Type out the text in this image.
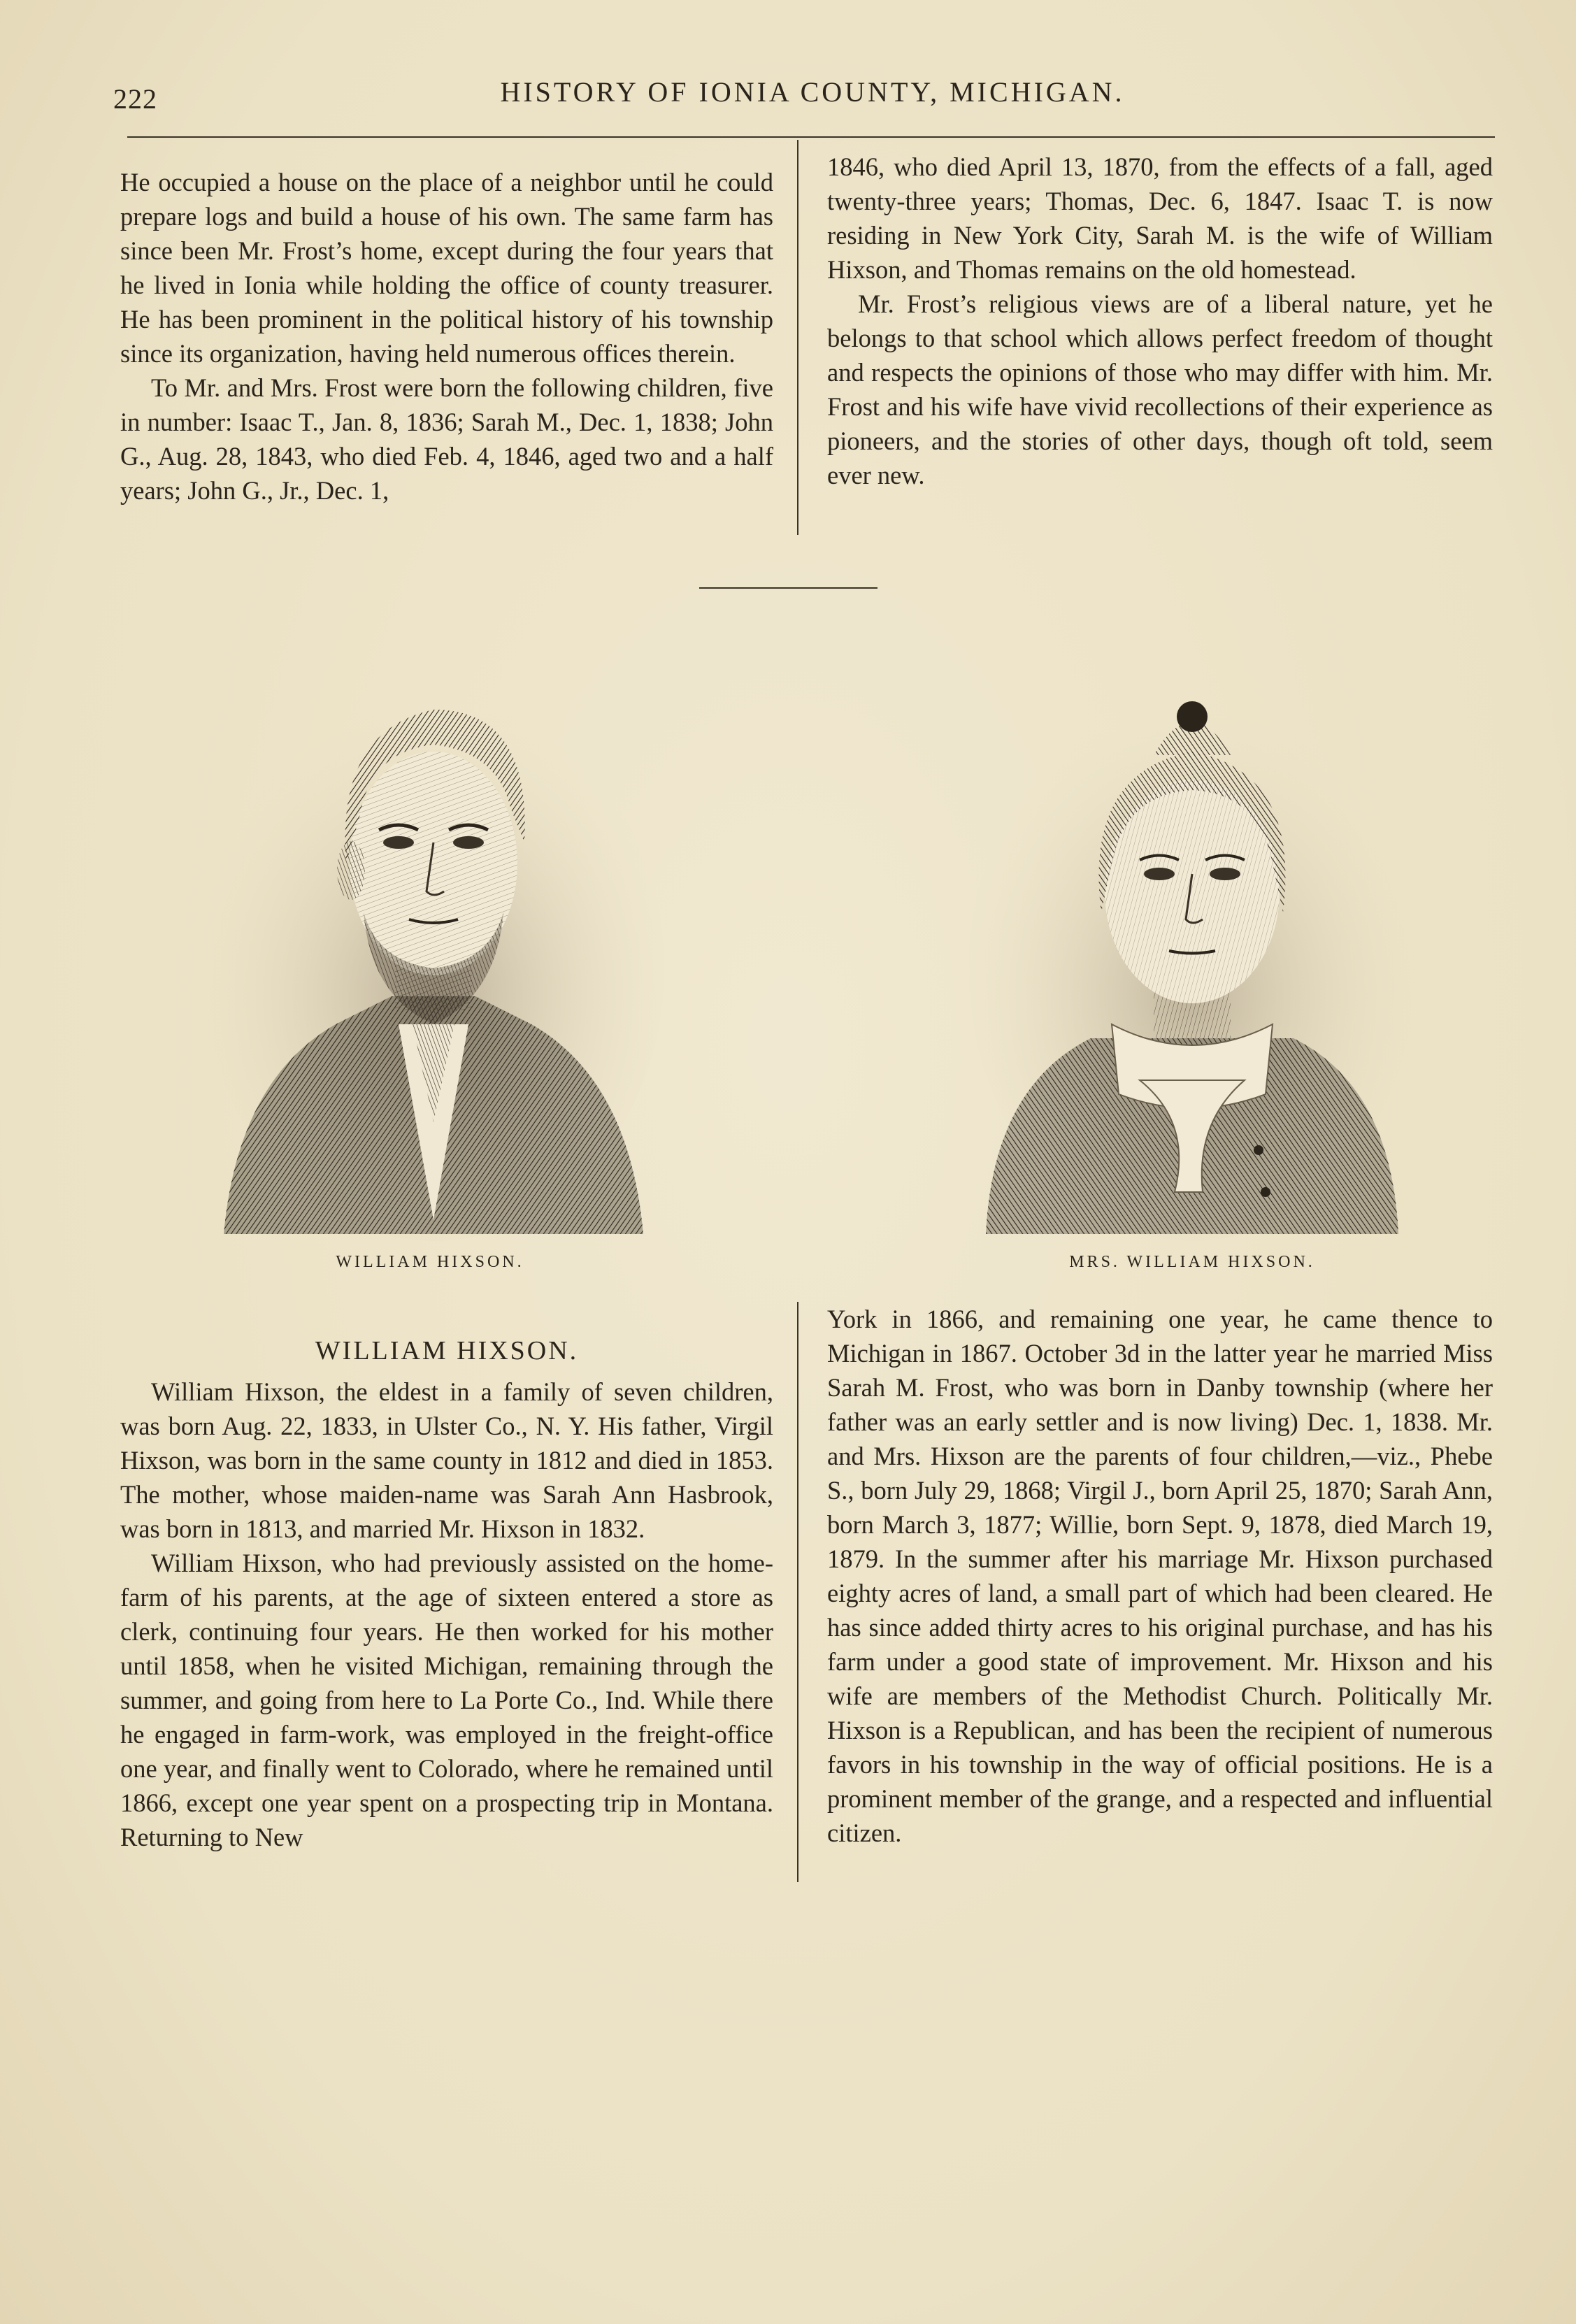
222	HISTORY OF IONIA COUNTY, MICHIGAN.

He occupied a house on the place of a neighbor until he could prepare logs and build a house of his own. The same farm has since been Mr. Frost’s home, except during the four years that he lived in Ionia while holding the office of county treasurer. He has been prominent in the political history of his township since its organization, having held numerous offices therein.

To Mr. and Mrs. Frost were born the following children, five in number: Isaac T., Jan. 8, 1836; Sarah M., Dec. 1, 1838; John G., Aug. 28, 1843, who died Feb. 4, 1846, aged two and a half years; John G., Jr., Dec. 1,

1846, who died April 13, 1870, from the effects of a fall, aged twenty-three years; Thomas, Dec. 6, 1847. Isaac T. is now residing in New York City, Sarah M. is the wife of William Hixson, and Thomas remains on the old homestead.

Mr. Frost’s religious views are of a liberal nature, yet he belongs to that school which allows perfect freedom of thought and respects the opinions of those who may differ with him. Mr. Frost and his wife have vivid recollections of their experience as pioneers, and the stories of other days, though oft told, seem ever new.

WILLIAM HIXSON.	MRS. WILLIAM HIXSON.
WILLIAM HIXSON.

William Hixson, the eldest in a family of seven children, was born Aug. 22, 1833, in Ulster Co., N. Y. His father, Virgil Hixson, was born in the same county in 1812 and died in 1853. The mother, whose maiden-name was Sarah Ann Hasbrook, was born in 1813, and married Mr. Hixson in 1832.

William Hixson, who had previously assisted on the home-farm of his parents, at the age of sixteen entered a store as clerk, continuing four years. He then worked for his mother until 1858, when he visited Michigan, remaining through the summer, and going from here to La Porte Co., Ind. While there he engaged in farm-work, was employed in the freight-office one year, and finally went to Colorado, where he remained until 1866, except one year spent on a prospecting trip in Montana. Returning to New

York in 1866, and remaining one year, he came thence to Michigan in 1867. October 3d in the latter year he married Miss Sarah M. Frost, who was born in Danby township (where her father was an early settler and is now living) Dec. 1, 1838. Mr. and Mrs. Hixson are the parents of four children,—viz., Phebe S., born July 29, 1868; Virgil J., born April 25, 1870; Sarah Ann, born March 3, 1877; Willie, born Sept. 9, 1878, died March 19, 1879. In the summer after his marriage Mr. Hixson purchased eighty acres of land, a small part of which had been cleared. He has since added thirty acres to his original purchase, and has his farm under a good state of improvement. Mr. Hixson and his wife are members of the Methodist Church. Politically Mr. Hixson is a Republican, and has been the recipient of numerous favors in his township in the way of official positions. He is a prominent member of the grange, and a respected and influential citizen.
